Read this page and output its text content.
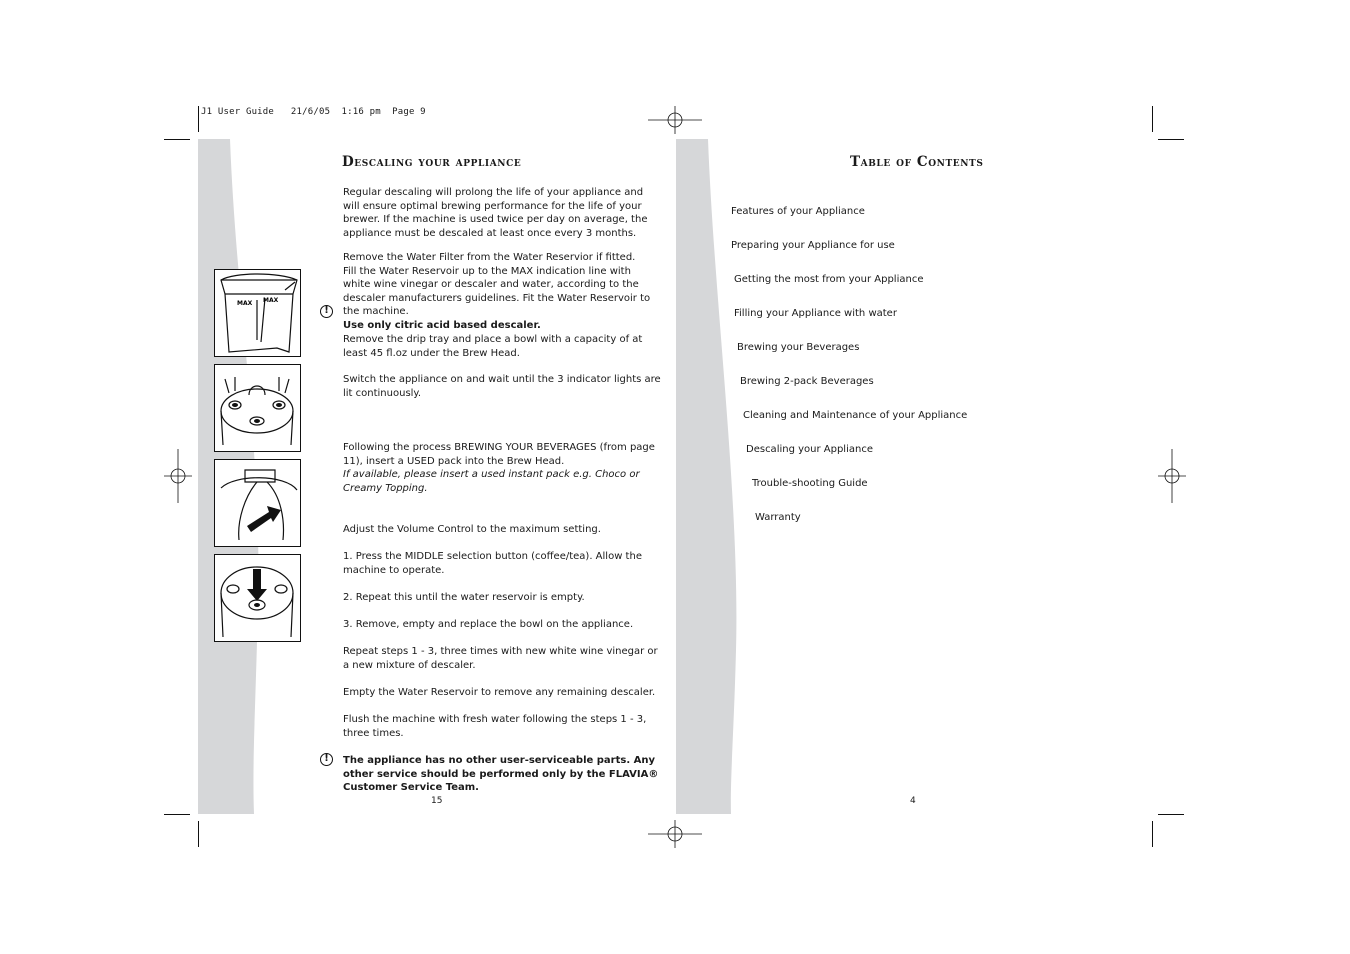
J1 User Guide 21/6/05 1:16 pm Page 9
Descaling your appliance
Regular descaling will prolong the life of your appliance and will ensure optimal brewing performance for the life of your brewer. If the machine is used twice per day on average, the appliance must be descaled at least once every 3 months.
Remove the Water Filter from the Water Reservior if fitted.
Fill the Water Reservoir up to the MAX indication line with white wine vinegar or descaler and water, according to the descaler manufacturers guidelines. Fit the Water Reservoir to the machine.
Use only citric acid based descaler.
!
Remove the drip tray and place a bowl with a capacity of at least 45 fl.oz under the Brew Head.
Switch the appliance on and wait until the 3 indicator lights are lit continuously.
Following the process BREWING YOUR BEVERAGES (from page 11), insert a USED pack into the Brew Head.
If available, please insert a used instant pack e.g. Choco or Creamy Topping.
Adjust the Volume Control to the maximum setting.
1. Press the MIDDLE selection button (coffee/tea). Allow the machine to operate.
2. Repeat this until the water reservoir is empty.
3. Remove, empty and replace the bowl on the appliance.
Repeat steps 1 - 3, three times with new white wine vinegar or a new mixture of descaler.
Empty the Water Reservoir to remove any remaining descaler.
Flush the machine with fresh water following the steps 1 - 3, three times.
The appliance has no other user-serviceable parts. Any other service should be performed only by the FLAVIA® Customer Service Team.
!
15
MAX MAX
Table of Contents
Features of your Appliance
Preparing your Appliance for use
Getting the most from your Appliance
Filling your Appliance with water
Brewing your Beverages
Brewing 2-pack Beverages
Cleaning and Maintenance of your Appliance
Descaling your Appliance
Trouble-shooting Guide
Warranty
4
